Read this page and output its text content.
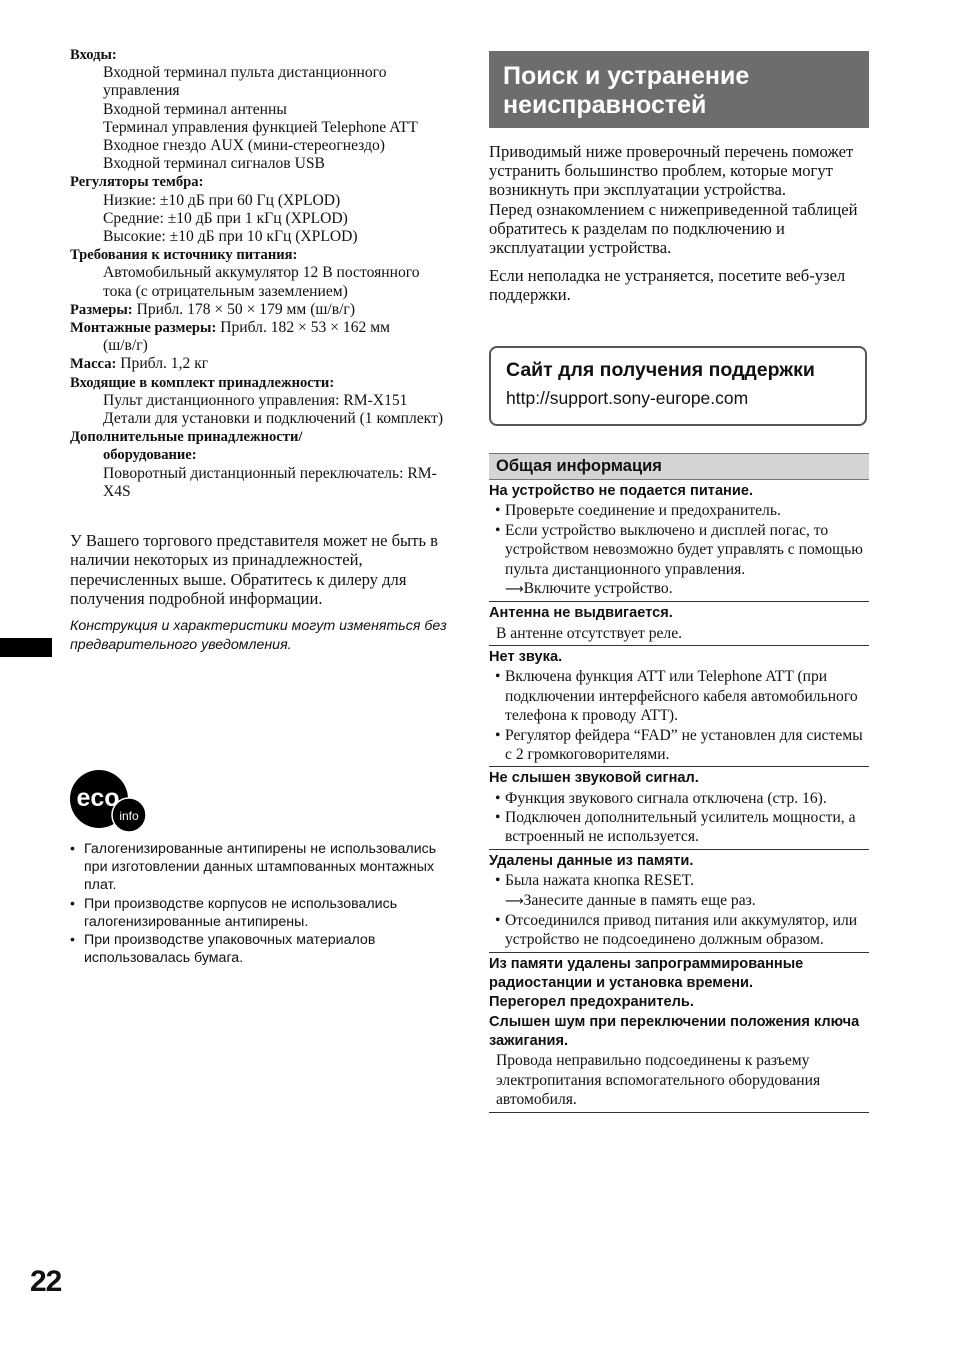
Входы:
Входной терминал пульта дистанционного управления
Входной терминал антенны
Терминал управления функцией Telephone ATT
Входное гнездо AUX (мини-стереогнездо)
Входной терминал сигналов USB
Регуляторы тембра:
Низкие: ±10 дБ при 60 Гц (XPLOD)
Средние: ±10 дБ при 1 кГц (XPLOD)
Высокие: ±10 дБ при 10 кГц (XPLOD)
Требования к источнику питания:
Автомобильный аккумулятор 12 В постоянного тока (с отрицательным заземлением)
Размеры: Прибл. 178 × 50 × 179 мм (ш/в/г)
Монтажные размеры: Прибл. 182 × 53 × 162 мм
(ш/в/г)
Масса: Прибл. 1,2 кг
Входящие в комплект принадлежности:
Пульт дистанционного управления: RM-X151
Детали для установки и подключений (1 комплект)
Дополнительные принадлежности/
оборудование:
Поворотный дистанционный переключатель: RM-X4S
У Вашего торгового представителя может не быть в наличии некоторых из принадлежностей, перечисленных выше. Обратитесь к дилеру для получения подробной информации.
Конструкция и характеристики могут изменяться без предварительного уведомления.
eco
info
• Галогенизированные антипирены не использовались при изготовлении данных штампованных монтажных плат.
• При производстве корпусов не использовались галогенизированные антипирены.
• При производстве упаковочных материалов использовалась бумага.
22
Поиск и устранение неисправностей

Приводимый ниже проверочный перечень поможет устранить большинство проблем, которые могут возникнуть при эксплуатации устройства.

Перед ознакомлением с нижеприведенной таблицей обратитесь к разделам по подключению и эксплуатации устройства.

Если неполадка не устраняется, посетите веб-узел поддержки.

Сайт для получения поддержки
http://support.sony-europe.com
Общая информация
На устройство не подается питание.
• Проверьте соединение и предохранитель.
• Если устройство выключено и дисплей погас, то устройством невозможно будет управлять с помощью пульта дистанционного управления.
⟶Включите устройство.
Антенна не выдвигается.
В антенне отсутствует реле.
Нет звука.
• Включена функция ATT или Telephone ATT (при подключении интерфейсного кабеля автомобильного телефона к проводу ATT).
• Регулятор фейдера “FAD” не установлен для системы с 2 громкоговорителями.
Не слышен звуковой сигнал.
• Функция звукового сигнала отключена (стр. 16).
• Подключен дополнительный усилитель мощности, а встроенный не используется.
Удалены данные из памяти.
• Была нажата кнопка RESET.
⟶Занесите данные в память еще раз.
• Отсоединился привод питания или аккумулятор, или устройство не подсоединено должным образом.
Из памяти удалены запрограммированные радиостанции и установка времени.
Перегорел предохранитель.
Слышен шум при переключении положения ключа зажигания.
Провода неправильно подсоединены к разъему электропитания вспомогательного оборудования автомобиля.
